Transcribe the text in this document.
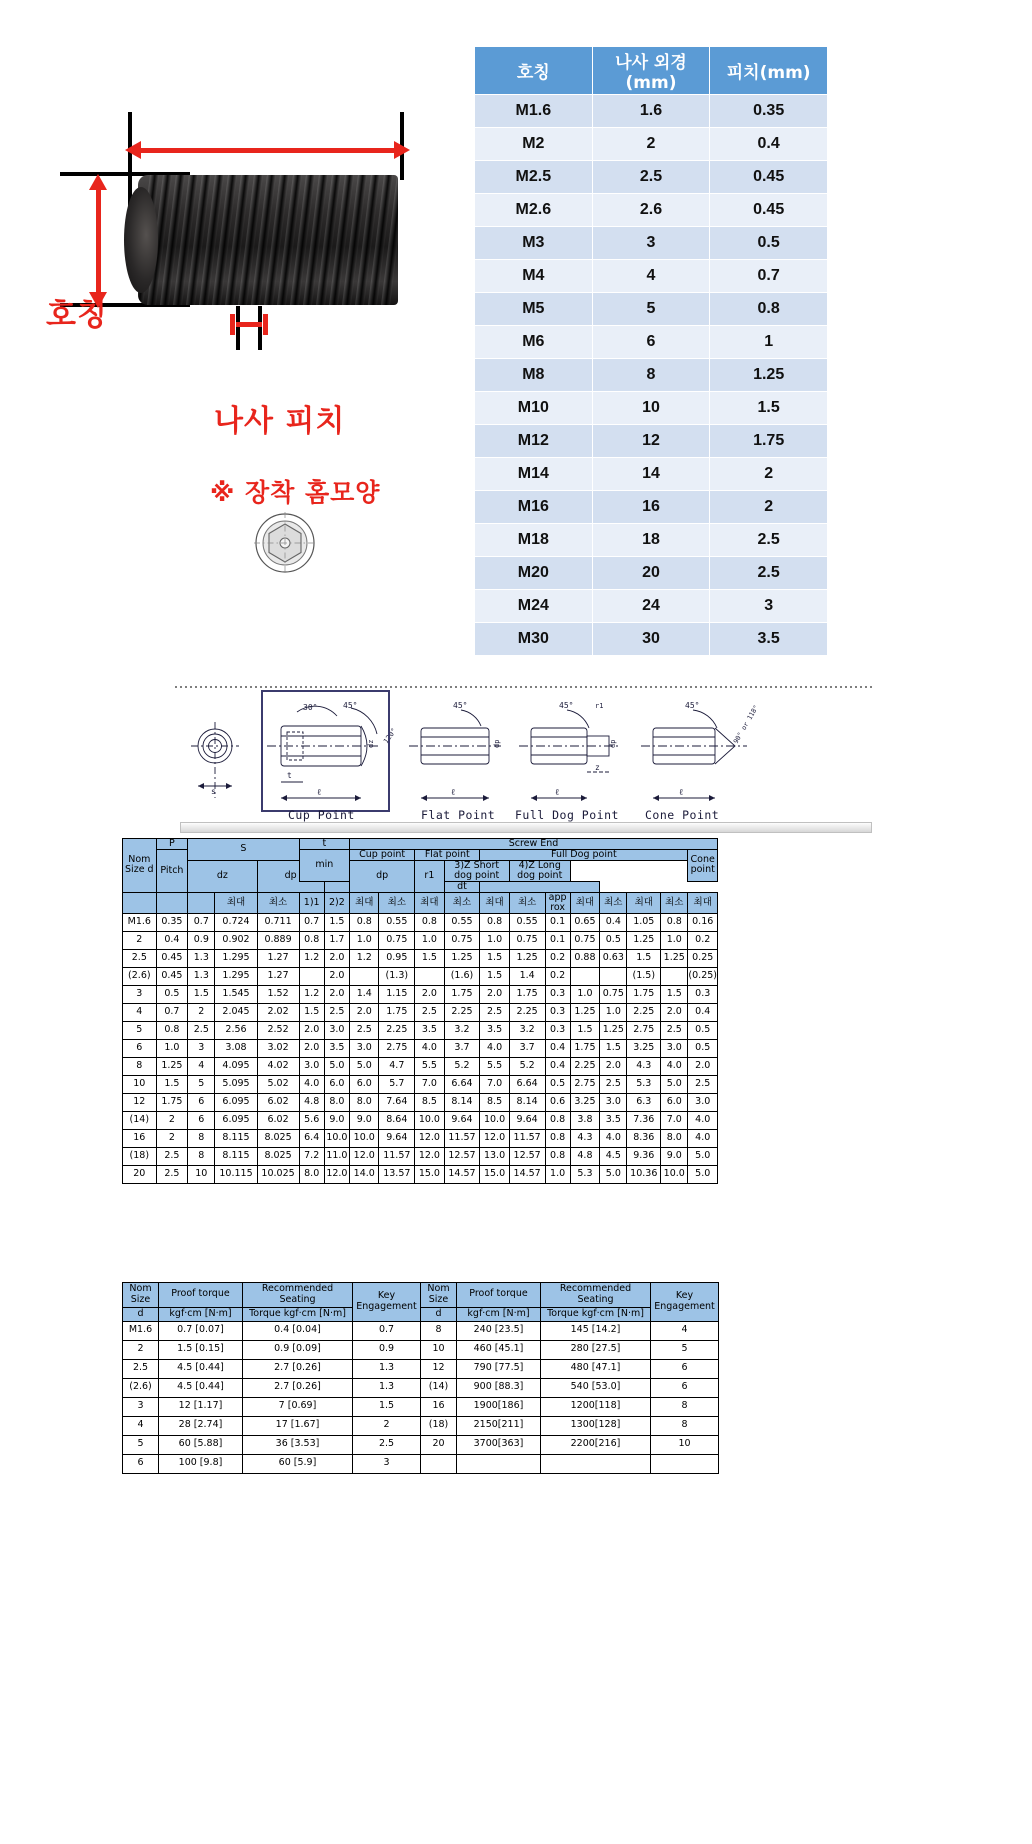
호칭
나사 피치
※ 장착 홈모양
호칭	나사 외경(mm)	피치(mm)
M1.6	1.6	0.35
M2	2	0.4
M2.5	2.5	0.45
M2.6	2.6	0.45
M3	3	0.5
M4	4	0.7
M5	5	0.8
M6	6	1
M8	8	1.25
M10	10	1.5
M12	12	1.75
M14	14	2
M16	16	2
M18	18	2.5
M20	20	2.5
M24	24	3
M30	30	3.5
30°	45°
dz 120°
t
ℓ
45°
dp
ℓ
45°	r1
dp
z
ℓ
45°	90° or 118°
ℓ
s
Cup Point	Flat Point Full Dog Point Cone Point
Nom Size d	P	S			t		Screw End											
	Pitch				min		Cup point		Flat point		Full Dog point							Cone point
		dz		dp			dp		r1	3)Z Short dog point		4)Z Long dog point						
										dt								
			최대	최소	1)1	2)2	최대	최소	최대	최소	최대	최소	app rox	최대	최소	최대	최소	최대
M1.6	0.35	0.7	0.724	0.711	0.7	1.5	0.8	0.55	0.8	0.55	0.8	0.55	0.1	0.65	0.4	1.05	0.8	0.16
2	0.4	0.9	0.902	0.889	0.8	1.7	1.0	0.75	1.0	0.75	1.0	0.75	0.1	0.75	0.5	1.25	1.0	0.2
2.5	0.45	1.3	1.295	1.27	1.2	2.0	1.2	0.95	1.5	1.25	1.5	1.25	0.2	0.88	0.63	1.5	1.25	0.25
(2.6)	0.45	1.3	1.295	1.27		2.0		(1.3)		(1.6)	1.5	1.4	0.2			(1.5)		(0.25)
3	0.5	1.5	1.545	1.52	1.2	2.0	1.4	1.15	2.0	1.75	2.0	1.75	0.3	1.0	0.75	1.75	1.5	0.3
4	0.7	2	2.045	2.02	1.5	2.5	2.0	1.75	2.5	2.25	2.5	2.25	0.3	1.25	1.0	2.25	2.0	0.4
5	0.8	2.5	2.56	2.52	2.0	3.0	2.5	2.25	3.5	3.2	3.5	3.2	0.3	1.5	1.25	2.75	2.5	0.5
6	1.0	3	3.08	3.02	2.0	3.5	3.0	2.75	4.0	3.7	4.0	3.7	0.4	1.75	1.5	3.25	3.0	0.5
8	1.25	4	4.095	4.02	3.0	5.0	5.0	4.7	5.5	5.2	5.5	5.2	0.4	2.25	2.0	4.3	4.0	2.0
10	1.5	5	5.095	5.02	4.0	6.0	6.0	5.7	7.0	6.64	7.0	6.64	0.5	2.75	2.5	5.3	5.0	2.5
12	1.75	6	6.095	6.02	4.8	8.0	8.0	7.64	8.5	8.14	8.5	8.14	0.6	3.25	3.0	6.3	6.0	3.0
(14)	2	6	6.095	6.02	5.6	9.0	9.0	8.64	10.0	9.64	10.0	9.64	0.8	3.8	3.5	7.36	7.0	4.0
16	2	8	8.115	8.025	6.4	10.0	10.0	9.64	12.0	11.57	12.0	11.57	0.8	4.3	4.0	8.36	8.0	4.0
(18)	2.5	8	8.115	8.025	7.2	11.0	12.0	11.57	12.0	12.57	13.0	12.57	0.8	4.8	4.5	9.36	9.0	5.0
20	2.5	10	10.115	10.025	8.0	12.0	14.0	13.57	15.0	14.57	15.0	14.57	1.0	5.3	5.0	10.36	10.0	5.0
Nom Size	Proof torque	Recommended Seating	Key Engagement	Nom Size	Proof torque	Recommended Seating	Key Engagement
d	kgf·cm [N·m]	Torque kgf·cm [N·m]		d	kgf·cm [N·m]	Torque kgf·cm [N·m]	
M1.6	0.7 [0.07]	0.4 [0.04]	0.7	8	240 [23.5]	145 [14.2]	4
2	1.5 [0.15]	0.9 [0.09]	0.9	10	460 [45.1]	280 [27.5]	5
2.5	4.5 [0.44]	2.7 [0.26]	1.3	12	790 [77.5]	480 [47.1]	6
(2.6)	4.5 [0.44]	2.7 [0.26]	1.3	(14)	900 [88.3]	540 [53.0]	6
3	12 [1.17]	7 [0.69]	1.5	16	1900[186]	1200[118]	8
4	28 [2.74]	17 [1.67]	2	(18)	2150[211]	1300[128]	8
5	60 [5.88]	36 [3.53]	2.5	20	3700[363]	2200[216]	10
6	100 [9.8]	60 [5.9]	3				
